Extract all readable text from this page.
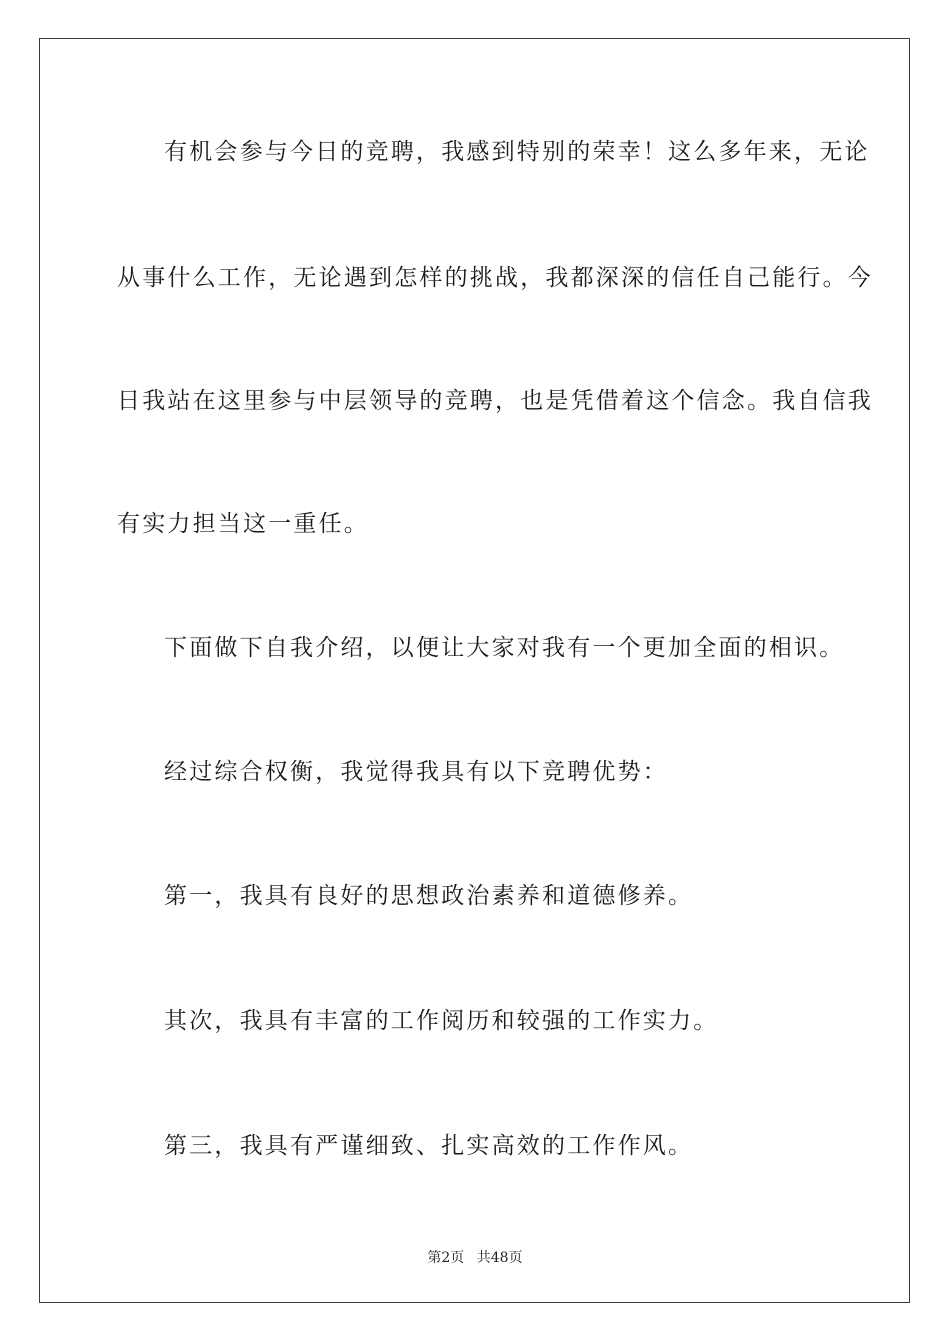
有机会参与今日的竞聘，我感到特别的荣幸！这么多年来，无论
从事什么工作，无论遇到怎样的挑战，我都深深的信任自己能行。今
日我站在这里参与中层领导的竞聘，也是凭借着这个信念。我自信我
有实力担当这一重任。
下面做下自我介绍，以便让大家对我有一个更加全面的相识。
经过综合权衡，我觉得我具有以下竞聘优势：
第一，我具有良好的思想政治素养和道德修养。
其次，我具有丰富的工作阅历和较强的工作实力。
第三，我具有严谨细致、扎实高效的工作作风。
第2页 共48页
